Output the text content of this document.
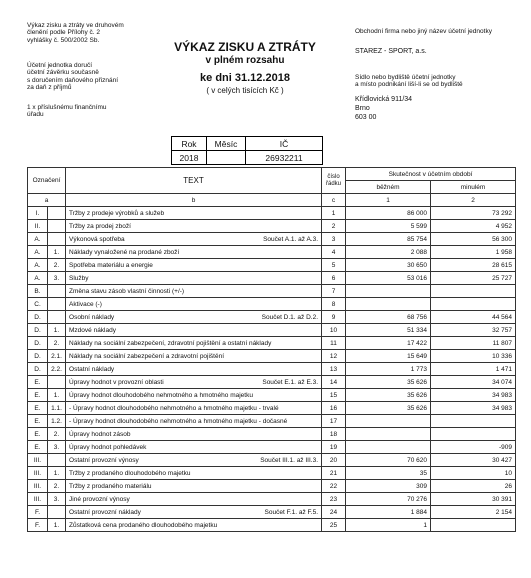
Výkaz zisku a ztráty ve druhovém
členění podle Přílohy č. 2
vyhlášky č. 500/2002 Sb.
Účetní jednotka doručí
účetní závěrku současně
s doručením daňového přiznání
za daň z příjmů
1 x příslušnému finančnímu
úřadu
VÝKAZ ZISKU A ZTRÁTY
v plném rozsahu
ke dni 31.12.2018
( v celých tisících Kč )
Rok	Měsíc	IČ
2018		26932211
Obchodní firma nebo jiný název účetní jednotky
STAREZ - SPORT, a.s.
Sídlo nebo bydliště účetní jednotky
a místo podnikání liší-li se od bydliště
Křídlovická 911/34
Brno
603 00
Označení		TEXT	číslo
řádku	Skutečnost v účetním období	
				běžném	minulém
a		b	c	1	2
I.		Tržby z prodeje výrobků a služeb	1	86 000	73 292
II.		Tržby za prodej zboží	2	5 599	4 952
A.		Výkonová spotřeba Součet A.1. až A.3.	3	85 754	56 300
A.	1.	Náklady vynaložené na prodané zboží	4	2 088	1 958
A.	2.	Spotřeba materiálu a energie	5	30 650	28 615
A.	3.	Služby	6	53 016	25 727
B.		Změna stavu zásob vlastní činnosti (+/-)	7		
C.		Aktivace (-)	8		
D.		Osobní náklady Součet D.1. až D.2.	9	68 756	44 564
D.	1.	Mzdové náklady	10	51 334	32 757
D.	2.	Náklady na sociální zabezpečení, zdravotní pojištění a ostatní náklady	11	17 422	11 807
D.	2.1.	Náklady na sociální zabezpečení a zdravotní pojištění	12	15 649	10 336
D.	2.2.	Ostatní náklady	13	1 773	1 471
E.		Úpravy hodnot v provozní oblasti Součet E.1. až E.3.	14	35 626	34 074
E.	1.	Úpravy hodnot dlouhodobého nehmotného a hmotného majetku	15	35 626	34 983
E.	1.1.	- Úpravy hodnot dlouhodobého nehmotného a hmotného majetku - trvalé	16	35 626	34 983
E.	1.2.	- Úpravy hodnot dlouhodobého nehmotného a hmotného majetku - dočasné	17		
E.	2.	Úpravy hodnot zásob	18		
E.	3.	Úpravy hodnot pohledávek	19		-909
III.		Ostatní provozní výnosy Součet III.1. až III.3.	20	70 620	30 427
III.	1.	Tržby z prodaného dlouhodobého majetku	21	35	10
III.	2.	Tržby z prodaného materiálu	22	309	26
III.	3.	Jiné provozní výnosy	23	70 276	30 391
F.		Ostatní provozní náklady Součet F.1. až F.5.	24	1 884	2 154
F.	1.	Zůstatková cena prodaného dlouhodobého majetku	25	1	
